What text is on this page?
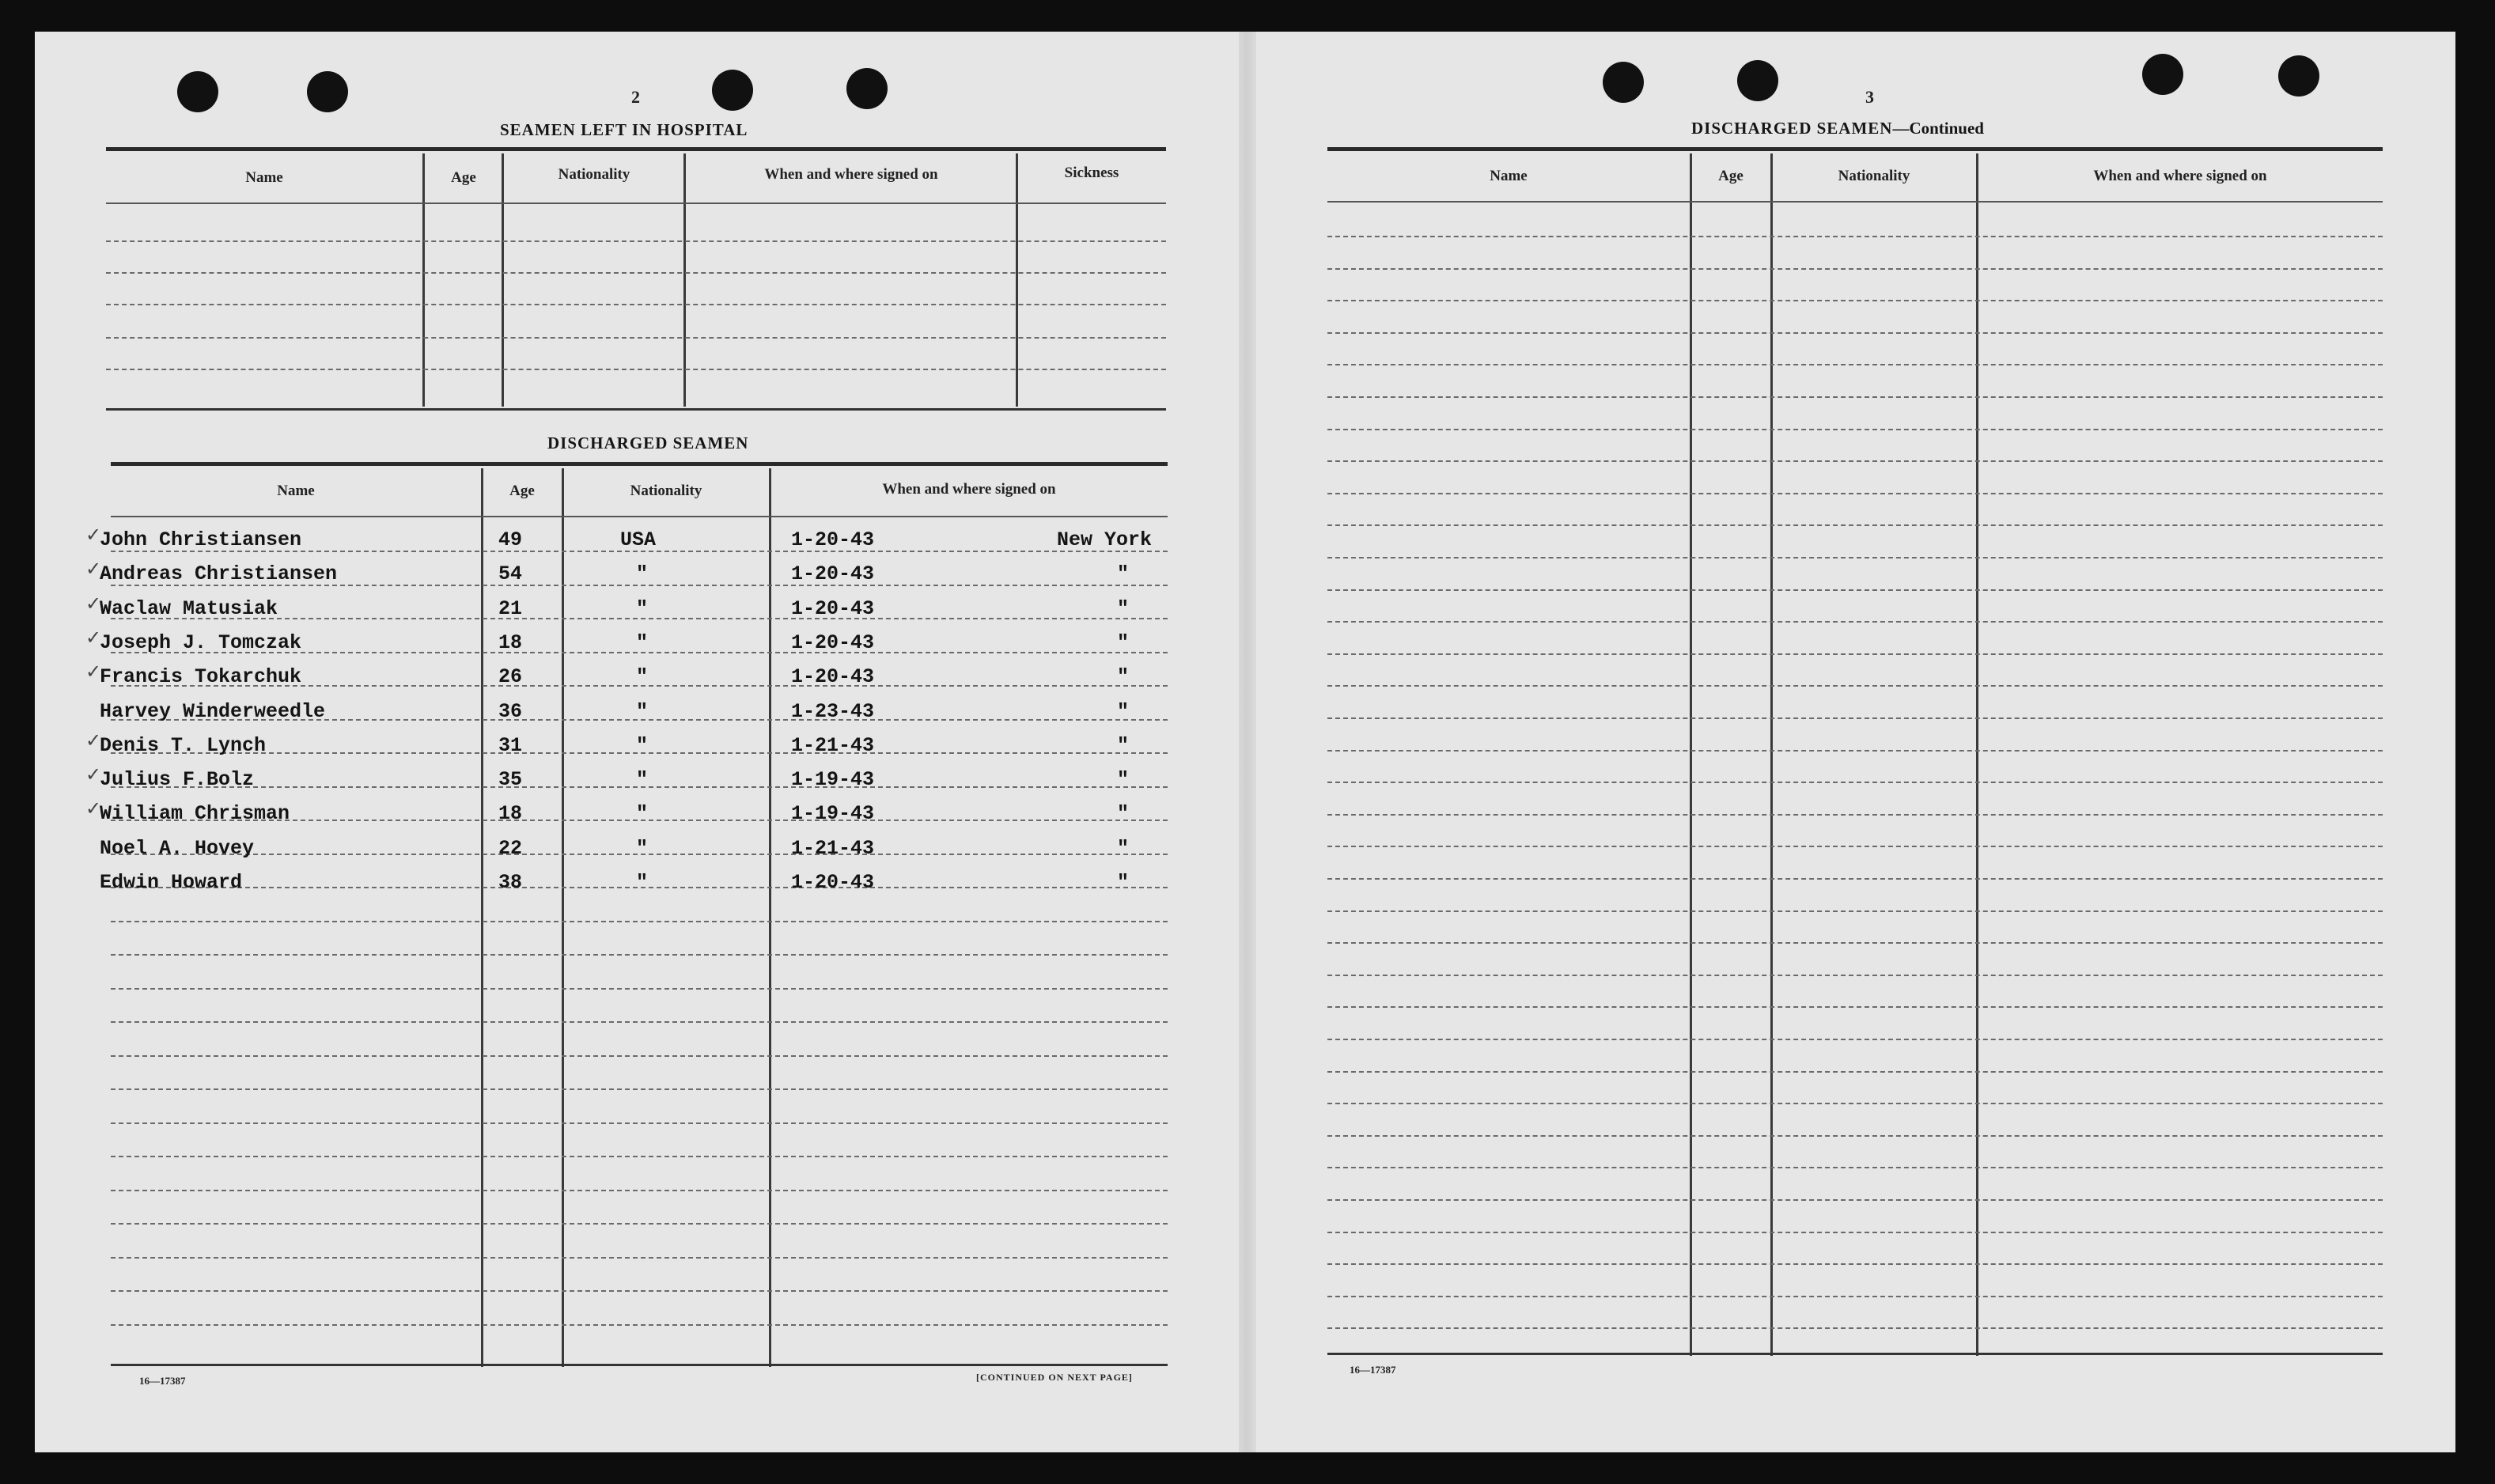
2
SEAMEN LEFT IN HOSPITAL
Name	Age	Nationality	When and where signed on	Sickness
DISCHARGED SEAMEN
Name	Age	Nationality	When and where signed on
John Christiansen	49	USA	1-20-43	New York
✓
Andreas Christiansen	54	"	1-20-43	"
✓
Waclaw Matusiak	21	"	1-20-43	"
✓
Joseph J. Tomczak	18	"	1-20-43	"
✓
Francis Tokarchuk	26	"	1-20-43	"
✓
Harvey Winderweedle	36	"	1-23-43	"
Denis T. Lynch	31	"	1-21-43	"
✓
Julius F.Bolz	35	"	1-19-43	"
✓
William Chrisman	18	"	1-19-43	"
✓
Noel A. Hovey	22	"	1-21-43	"
Edwin Howard	38	"	1-20-43	"
16—17387	[CONTINUED ON NEXT PAGE]
3
DISCHARGED SEAMEN—Continued
Name	Age	Nationality	When and where signed on
16—17387
